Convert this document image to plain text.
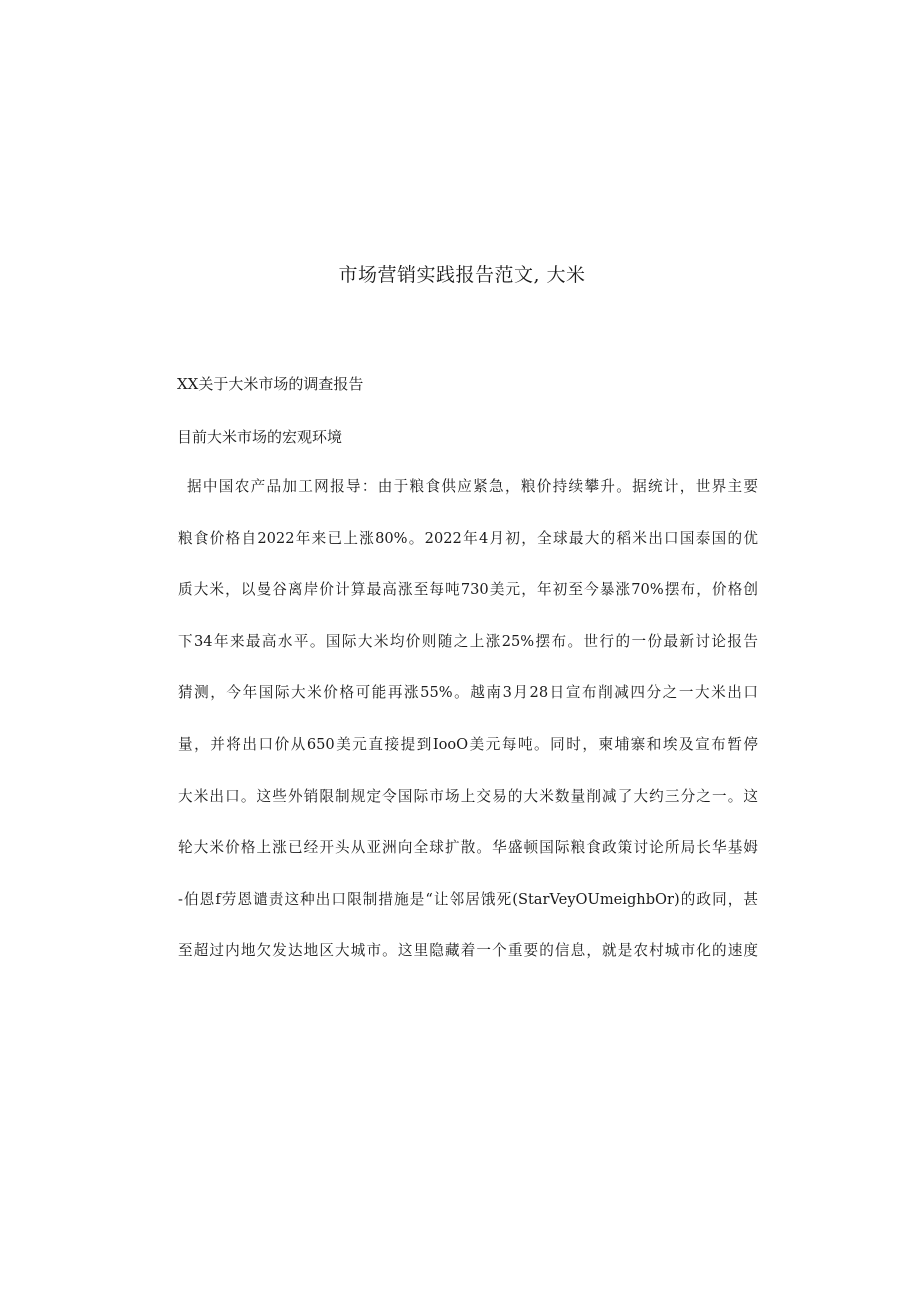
市场营销实践报告范文, 大米
XX关于大米市场的调查报告
目前大米市场的宏观环境
据中国农产品加工网报导：由于粮食供应紧急，粮价持续攀升。据统计，世界主要
粮食价格自2022年来已上涨80%。2022年4月初，全球最大的稻米出口国泰国的优
质大米，以曼谷离岸价计算最高涨至每吨730美元，年初至今暴涨70%摆布，价格创
下34年来最高水平。国际大米均价则随之上涨25%摆布。世行的一份最新讨论报告
猜测，今年国际大米价格可能再涨55%。越南3月28日宣布削减四分之一大米出口
量，并将出口价从650美元直接提到IooO美元每吨。同时，柬埔寨和埃及宣布暂停
大米出口。这些外销限制规定令国际市场上交易的大米数量削减了大约三分之一。这
轮大米价格上涨已经开头从亚洲向全球扩散。华盛顿国际粮食政策讨论所局长华基姆
-伯恩f劳恩谴责这种出口限制措施是“让邻居饿死(StarVeyOUmeighbOr)的政同，甚
至超过内地欠发达地区大城市。这里隐藏着一个重要的信息，就是农村城市化的速度
